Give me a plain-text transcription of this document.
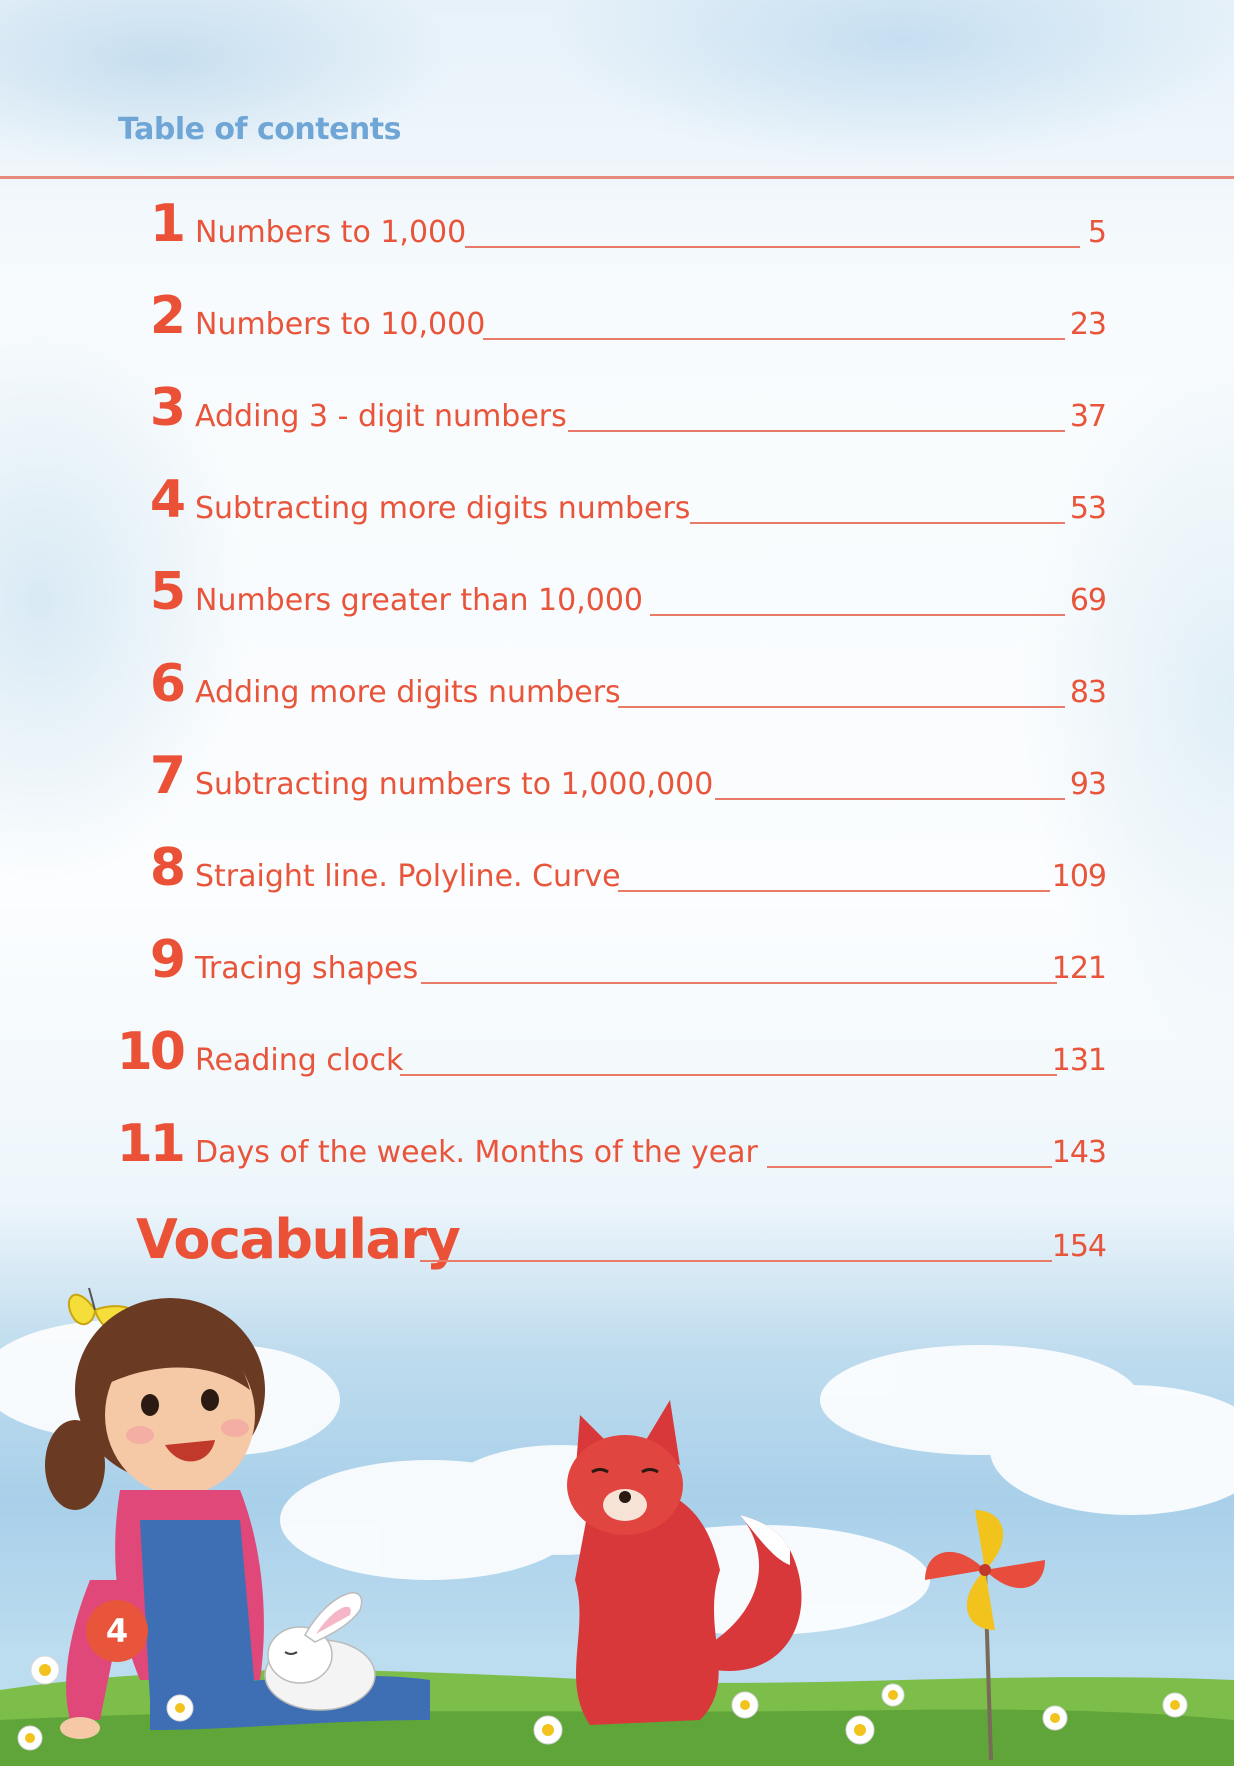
Table of contents
1 Numbers to 1,000	5
2 Numbers to 10,000	23
3 Adding 3 - digit numbers	37
4 Subtracting more digits numbers	53
5 Numbers greater than 10,000	69
6 Adding more digits numbers	83
7 Subtracting numbers to 1,000,000	93
8 Straight line. Polyline. Curve	109
9 Tracing shapes	121
10 Reading clock	131
11 Days of the week. Months of the year	143
Vocabulary	154
4
